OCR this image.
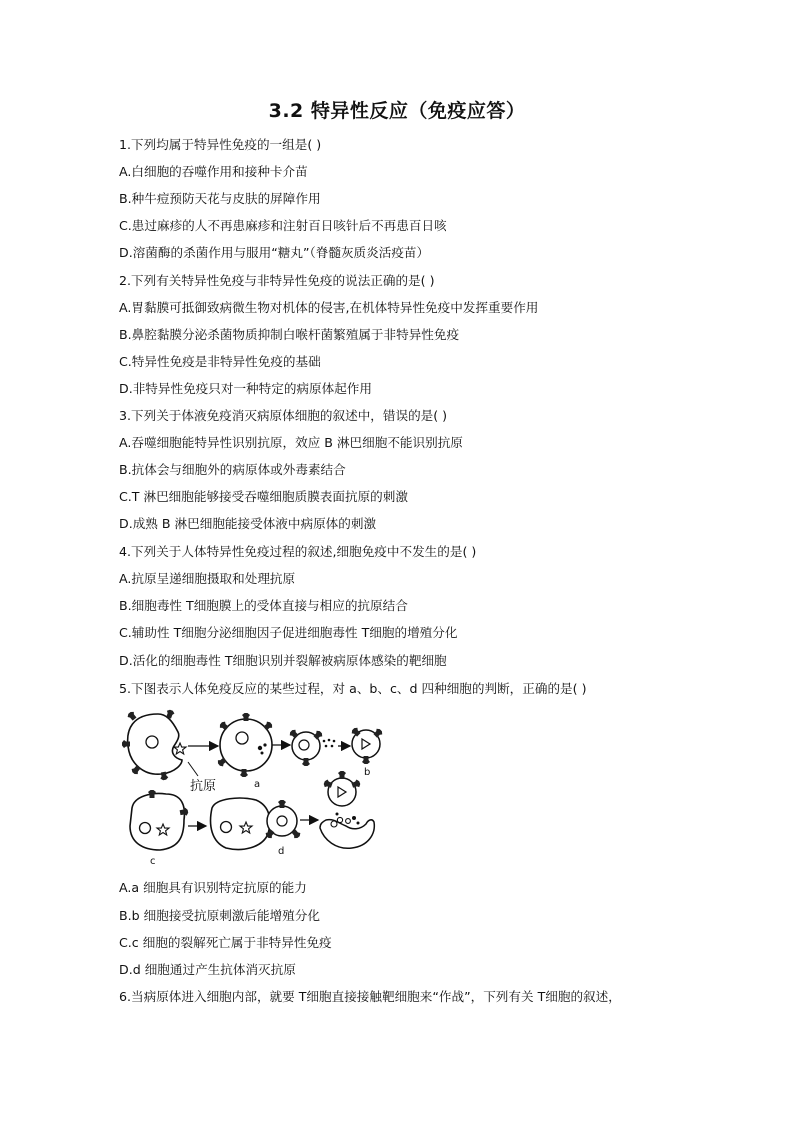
3.2 特异性反应（免疫应答）
1.下列均属于特异性免疫的一组是( )
A.白细胞的吞噬作用和接种卡介苗
B.种牛痘预防天花与皮肤的屏障作用
C.患过麻疹的人不再患麻疹和注射百日咳针后不再患百日咳
D.溶菌酶的杀菌作用与服用“糖丸”（脊髓灰质炎活疫苗）
2.下列有关特异性免疫与非特异性免疫的说法正确的是( )
A.胃黏膜可抵御致病微生物对机体的侵害,在机体特异性免疫中发挥重要作用
B.鼻腔黏膜分泌杀菌物质抑制白喉杆菌繁殖属于非特异性免疫
C.特异性免疫是非特异性免疫的基础
D.非特异性免疫只对一种特定的病原体起作用
3.下列关于体液免疫消灭病原体细胞的叙述中，错误的是( )
A.吞噬细胞能特异性识别抗原，效应 B 淋巴细胞不能识别抗原
B.抗体会与细胞外的病原体或外毒素结合
C.T 淋巴细胞能够接受吞噬细胞质膜表面抗原的刺激
D.成熟 B 淋巴细胞能接受体液中病原体的刺激
4.下列关于人体特异性免疫过程的叙述,细胞免疫中不发生的是( )
A.抗原呈递细胞摄取和处理抗原
B.细胞毒性 T细胞膜上的受体直接与相应的抗原结合
C.辅助性 T细胞分泌细胞因子促进细胞毒性 T细胞的增殖分化
D.活化的细胞毒性 T细胞识别并裂解被病原体感染的靶细胞
5.下图表示人体免疫反应的某些过程，对 a、b、c、d 四种细胞的判断，正确的是( )
a
b
抗原
c
d
A.a 细胞具有识别特定抗原的能力
B.b 细胞接受抗原刺激后能增殖分化
C.c 细胞的裂解死亡属于非特异性免疫
D.d 细胞通过产生抗体消灭抗原
6.当病原体进入细胞内部，就要 T细胞直接接触靶细胞来“作战”，下列有关 T细胞的叙述，
